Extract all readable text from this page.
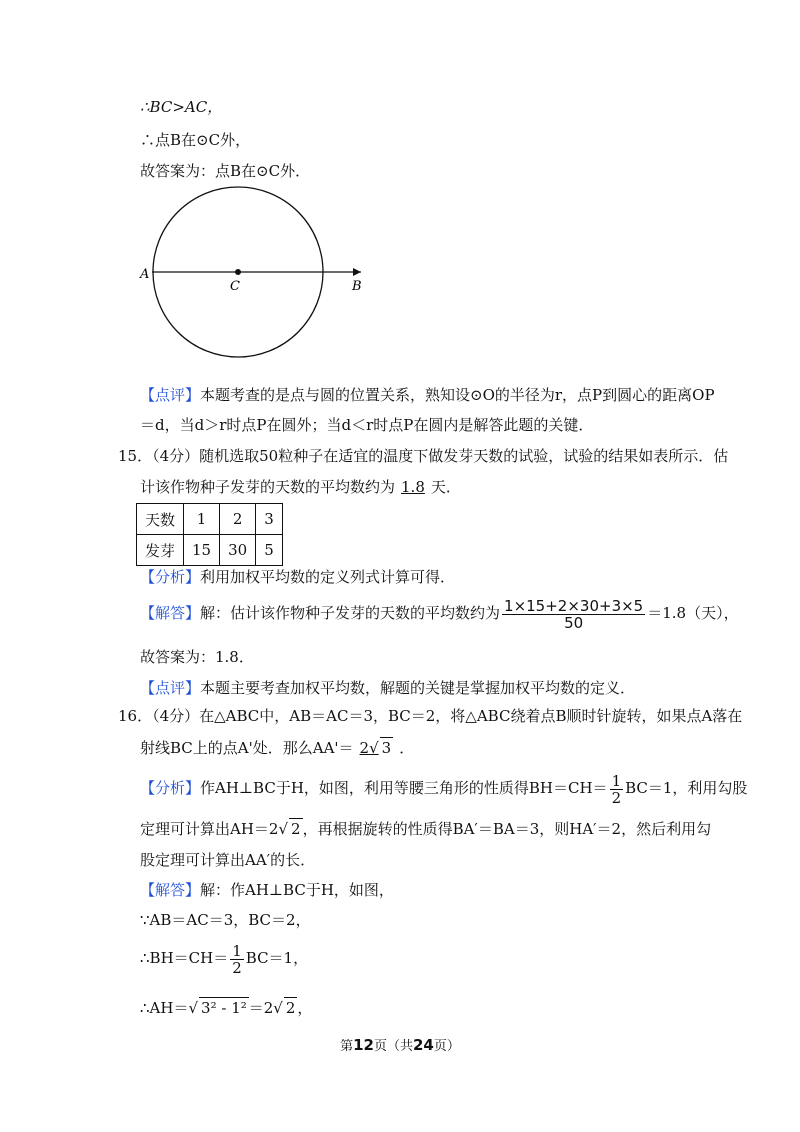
∴BC>AC，
∴点B在⊙C外，
故答案为：点B在⊙C外．
A
C	B
【点评】本题考查的是点与圆的位置关系，熟知设⊙O的半径为r，点P到圆心的距离OP
＝d，当d＞r时点P在圆外；当d＜r时点P在圆内是解答此题的关键．
15．（4分）随机选取50粒种子在适宜的温度下做发芽天数的试验，试验的结果如表所示．估
计该作物种子发芽的天数的平均数约为 1.8 天．
天数	1	2	3
发芽	15	30	5
【分析】利用加权平均数的定义列式计算可得．
【解答】解：估计该作物种子发芽的天数的平均数约为 $\frac{1\times 15+2\times 30+3\times 5}{50} =1.8$（天），
故答案为：1.8．
【点评】本题主要考查加权平均数，解题的关键是掌握加权平均数的定义．
16．（4分）在△ABC中，AB＝AC＝3，BC＝2，将△ABC绕着点B顺时针旋转，如果点A落在
射线BC上的点A'处．那么AA'＝ 2√ 3 ．
【分析】作AH⊥BC于H，如图，利用等腰三角形的性质得$BH=CH= \frac{1}{2} BC=1$，利用勾股
定理可计算出AH＝2√ 2 ，再根据旋转的性质得BA′＝BA＝3，则HA′＝2，然后利用勾
股定理可计算出AA′的长．
【解答】解：作AH⊥BC于H，如图，
∵AB＝AC＝3，BC＝2，
∴BH＝CH＝ $\frac{1}{2} BC=1$，
∴AH＝√ 3² - 1² ＝2√ 2 ，
第12页（共24页）
